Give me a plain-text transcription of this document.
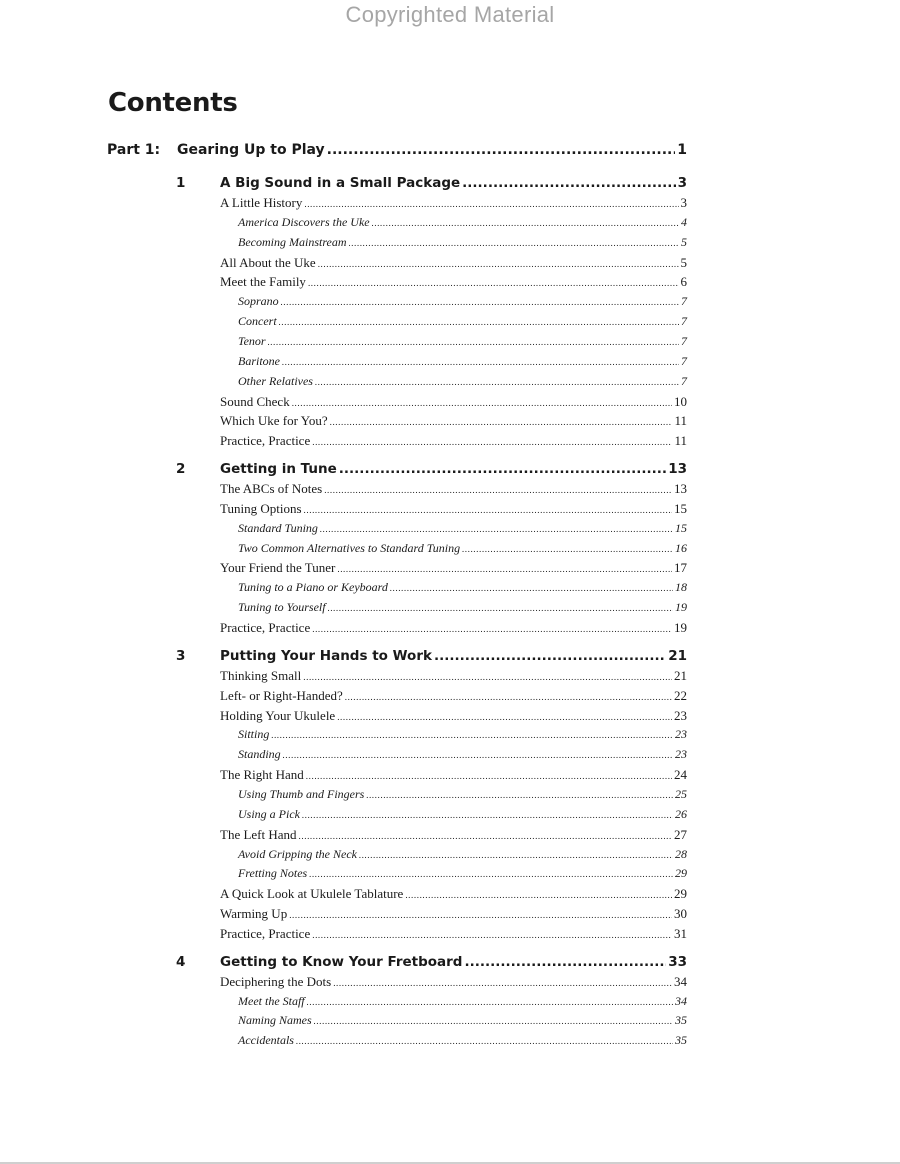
Copyrighted Material
Contents
Part 1:	Gearing Up to Play .....	1
1	A Big Sound in a Small Package .....	3
A Little History .....	3
America Discovers the Uke .....	4
Becoming Mainstream .....	5
All About the Uke .....	5
Meet the Family .....	6
Soprano .....	7
Concert .....	7
Tenor .....	7
Baritone .....	7
Other Relatives .....	7
Sound Check .....	10
Which Uke for You? .....	11
Practice, Practice .....	11
2	Getting in Tune .....	13
The ABCs of Notes .....	13
Tuning Options .....	15
Standard Tuning .....	15
Two Common Alternatives to Standard Tuning .....	16
Your Friend the Tuner .....	17
Tuning to a Piano or Keyboard .....	18
Tuning to Yourself .....	19
Practice, Practice .....	19
3	Putting Your Hands to Work .....	21
Thinking Small .....	21
Left- or Right-Handed? .....	22
Holding Your Ukulele .....	23
Sitting .....	23
Standing .....	23
The Right Hand .....	24
Using Thumb and Fingers .....	25
Using a Pick .....	26
The Left Hand .....	27
Avoid Gripping the Neck .....	28
Fretting Notes .....	29
A Quick Look at Ukulele Tablature .....	29
Warming Up .....	30
Practice, Practice .....	31
4	Getting to Know Your Fretboard .....	33
Deciphering the Dots .....	34
Meet the Staff .....	34
Naming Names .....	35
Accidentals .....	35
